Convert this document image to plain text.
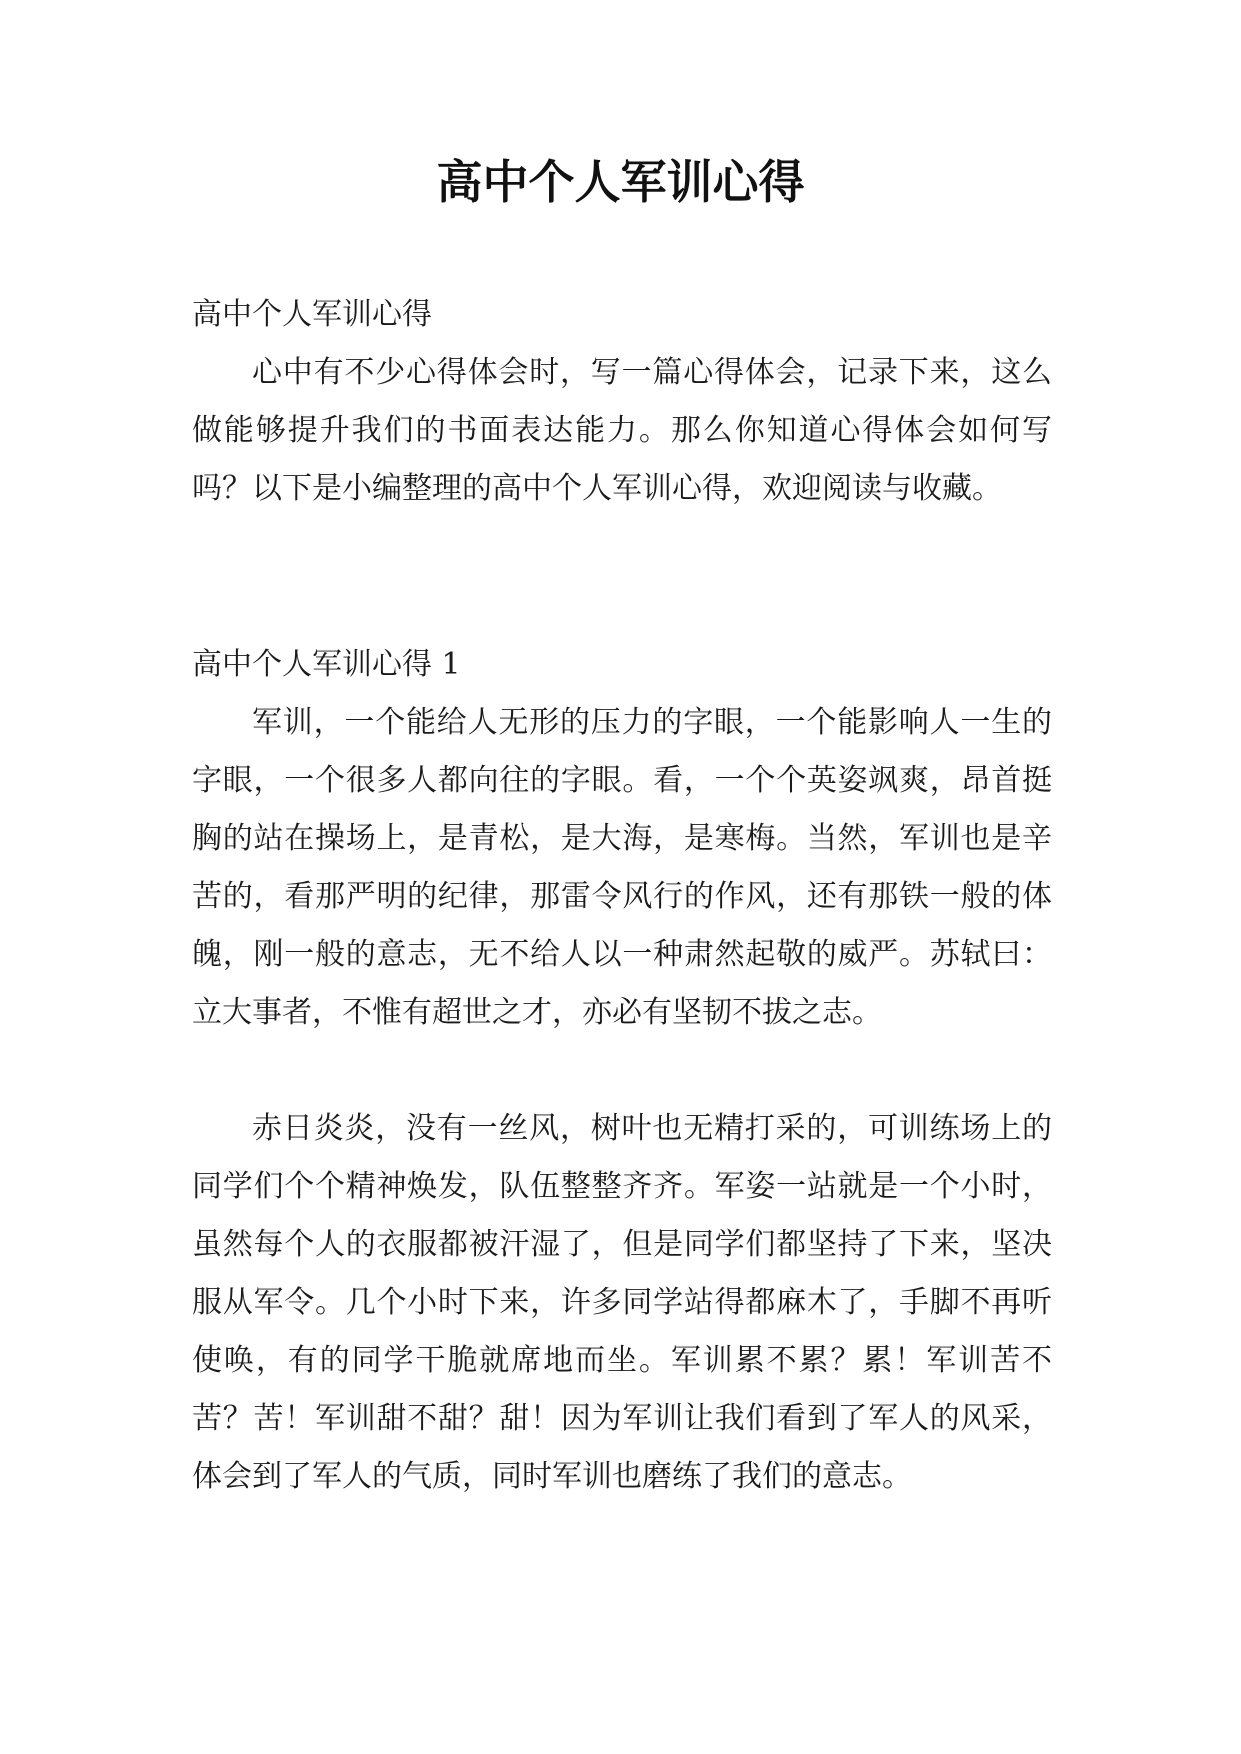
高中个人军训心得

高中个人军训心得

心中有不少心得体会时，写一篇心得体会，记录下来，这么做能够提升我们的书面表达能力。那么你知道心得体会如何写吗？以下是小编整理的高中个人军训心得，欢迎阅读与收藏。

高中个人军训心得 1

军训，一个能给人无形的压力的字眼，一个能影响人一生的字眼，一个很多人都向往的字眼。看，一个个英姿飒爽，昂首挺胸的站在操场上，是青松，是大海，是寒梅。当然，军训也是辛苦的，看那严明的纪律，那雷令风行的作风，还有那铁一般的体魄，刚一般的意志，无不给人以一种肃然起敬的威严。苏轼曰：立大事者，不惟有超世之才，亦必有坚韧不拔之志。

赤日炎炎，没有一丝风，树叶也无精打采的，可训练场上的同学们个个精神焕发，队伍整整齐齐。军姿一站就是一个小时，虽然每个人的衣服都被汗湿了，但是同学们都坚持了下来，坚决服从军令。几个小时下来，许多同学站得都麻木了，手脚不再听使唤，有的同学干脆就席地而坐。军训累不累？累！军训苦不苦？苦！军训甜不甜？甜！因为军训让我们看到了军人的风采，体会到了军人的气质，同时军训也磨练了我们的意志。
